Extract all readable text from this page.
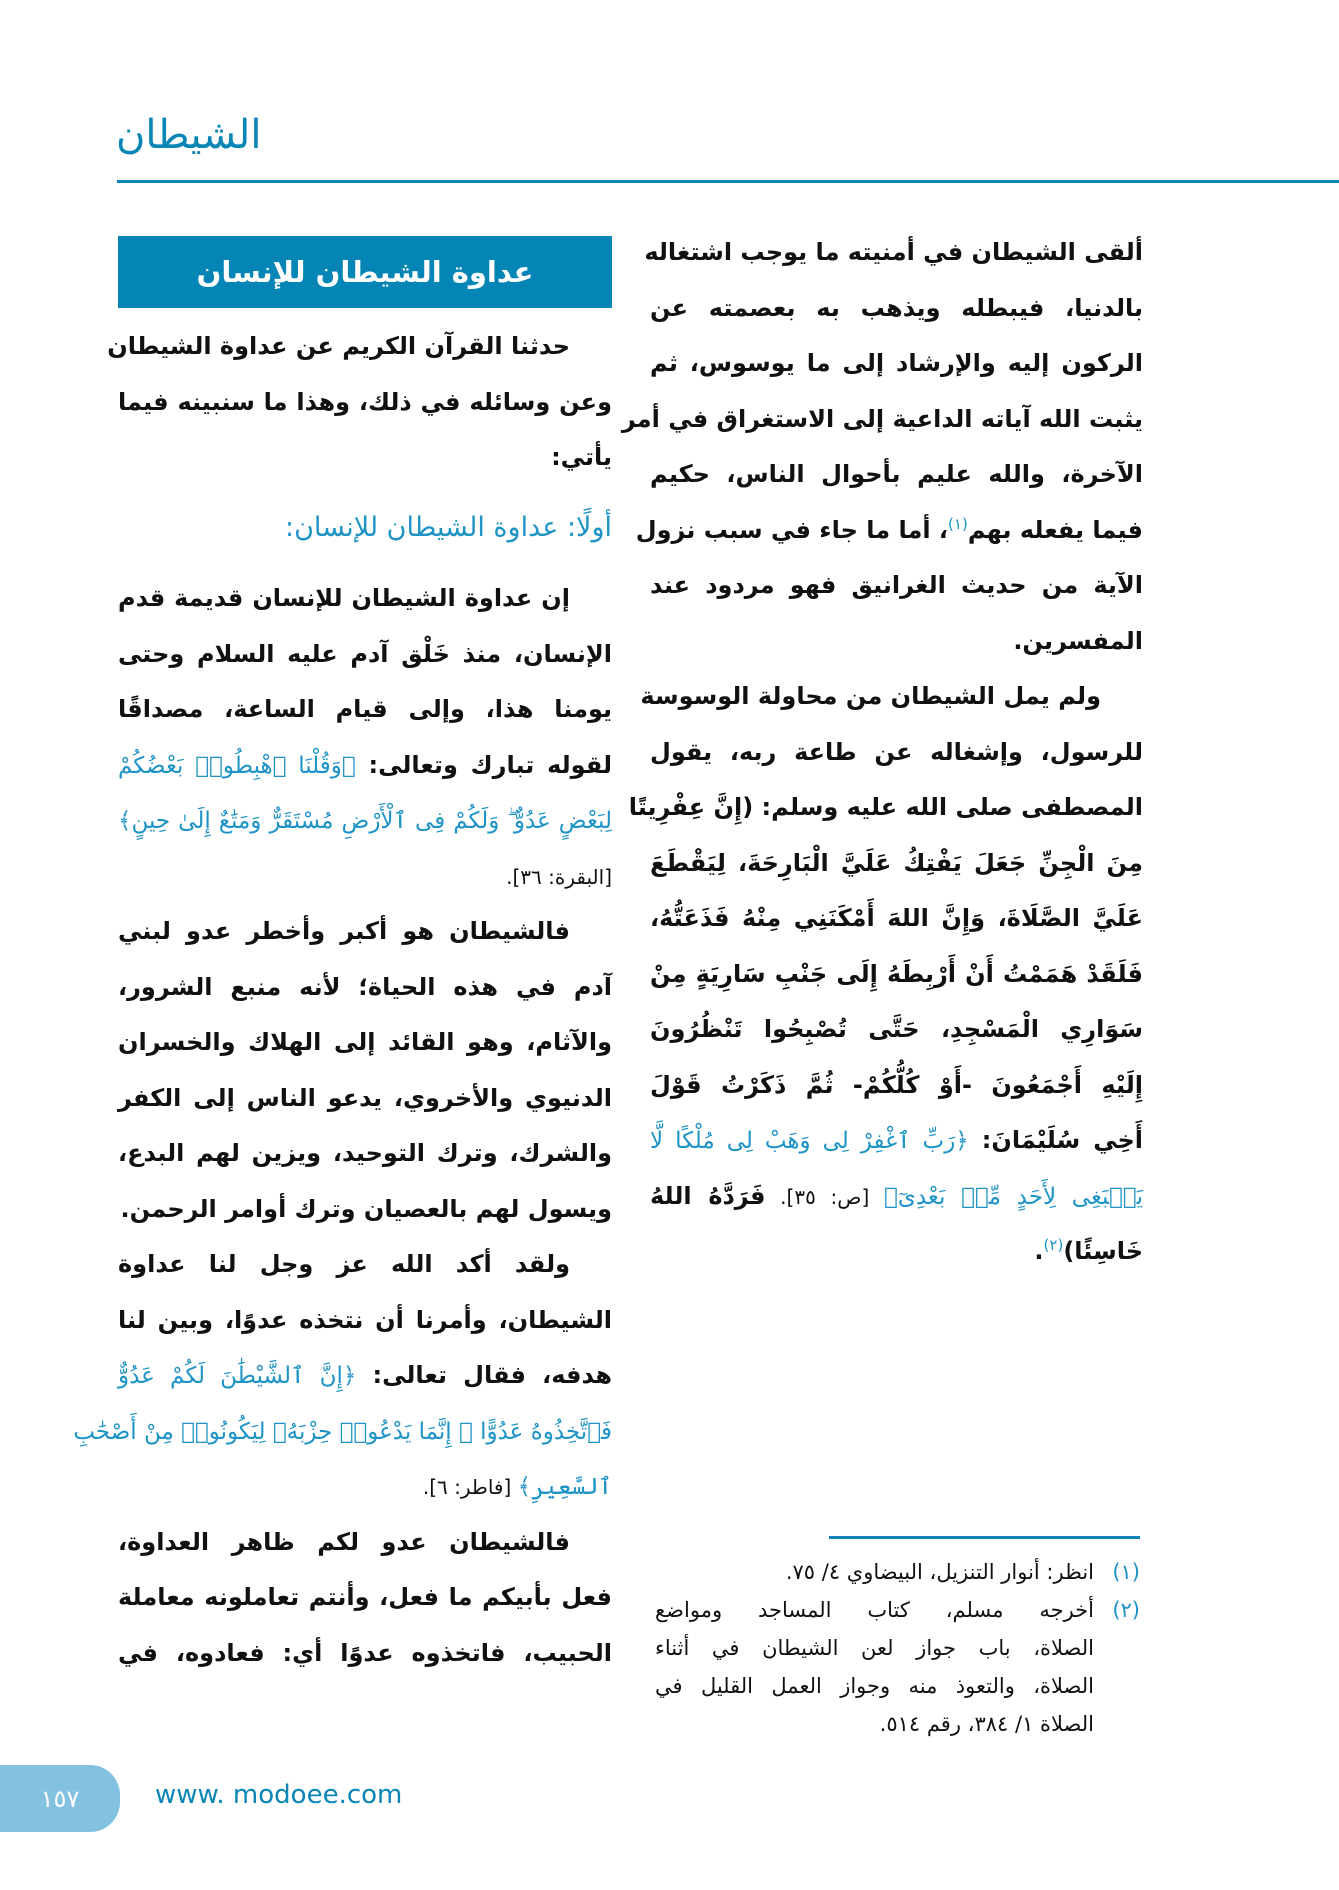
الشيطان
عداوة الشيطان للإنسان
حدثنا القرآن الكريم عن عداوة الشيطان
وعن وسائله في ذلك، وهذا ما سنبينه فيما
يأتي:
أولًا: عداوة الشيطان للإنسان:
إن عداوة الشيطان للإنسان قديمة قدم
الإنسان، منذ خَلْق آدم عليه السلام وحتى
يومنا هذا، وإلى قيام الساعة، مصداقًا
لقوله تبارك وتعالى: ﴿وَقُلْنَا ٱهْبِطُوا۟ بَعْضُكُمْ
لِبَعْضٍ عَدُوٌّ ۖ وَلَكُمْ فِى ٱلْأَرْضِ مُسْتَقَرٌّ وَمَتَٰعٌ إِلَىٰ حِينٍ﴾
[البقرة: ٣٦].
فالشيطان هو أكبر وأخطر عدو لبني
آدم في هذه الحياة؛ لأنه منبع الشرور،
والآثام، وهو القائد إلى الهلاك والخسران
الدنيوي والأخروي، يدعو الناس إلى الكفر
والشرك، وترك التوحيد، ويزين لهم البدع،
ويسول لهم بالعصيان وترك أوامر الرحمن.
ولقد أكد الله عز وجل لنا عداوة
الشيطان، وأمرنا أن نتخذه عدوًا، وبين لنا
هدفه، فقال تعالى: ﴿إِنَّ ٱلشَّيْطَٰنَ لَكُمْ عَدُوٌّ
فَٱتَّخِذُوهُ عَدُوًّا ۚ إِنَّمَا يَدْعُوا۟ حِزْبَهُۥ لِيَكُونُوا۟ مِنْ أَصْحَٰبِ
ٱلسَّعِيرِ﴾ [فاطر: ٦].
فالشيطان عدو لكم ظاهر العداوة،
فعل بأبيكم ما فعل، وأنتم تعاملونه معاملة
الحبيب، فاتخذوه عدوًا أي: فعادوه، في
ألقى الشيطان في أمنيته ما يوجب اشتغاله
بالدنيا، فيبطله ويذهب به بعصمته عن
الركون إليه والإرشاد إلى ما يوسوس، ثم
يثبت الله آياته الداعية إلى الاستغراق في أمر
الآخرة، والله عليم بأحوال الناس، حكيم
فيما يفعله بهم$^{(١)}$، أما ما جاء في سبب نزول
الآية من حديث الغرانيق فهو مردود عند
المفسرين.
ولم يمل الشيطان من محاولة الوسوسة
للرسول، وإشغاله عن طاعة ربه، يقول
المصطفى صلى الله عليه وسلم: (إِنَّ عِفْرِيتًا
مِنَ الْجِنِّ جَعَلَ يَفْتِكُ عَلَيَّ الْبَارِحَةَ، لِيَقْطَعَ
عَلَيَّ الصَّلَاةَ، وَإِنَّ اللهَ أَمْكَنَنِي مِنْهُ فَذَعَتُّهُ،
فَلَقَدْ هَمَمْتُ أَنْ أَرْبِطَهُ إِلَى جَنْبِ سَارِيَةٍ مِنْ
سَوَارِي الْمَسْجِدِ، حَتَّى تُصْبِحُوا تَنْظُرُونَ
إِلَيْهِ أَجْمَعُونَ -أَوْ كُلُّكُمْ- ثُمَّ ذَكَرْتُ قَوْلَ
أَخِي سُلَيْمَانَ: ﴿رَبِّ ٱغْفِرْ لِى وَهَبْ لِى مُلْكًا لَّا
يَنۢبَغِى لِأَحَدٍ مِّنۢ بَعْدِىٓ﴾ [ص: ٣٥]. فَرَدَّهُ اللهُ
خَاسِئًا)$^{(٢)}$.
(١)
انظر: أنوار التنزيل، البيضاوي ٤/ ٧٥.
(٢)
أخرجه مسلم، كتاب المساجد ومواضع
الصلاة، باب جواز لعن الشيطان في أثناء
الصلاة، والتعوذ منه وجواز العمل القليل في
الصلاة ١/ ٣٨٤، رقم ٥١٤.
١٥٧	www. modoee.com
